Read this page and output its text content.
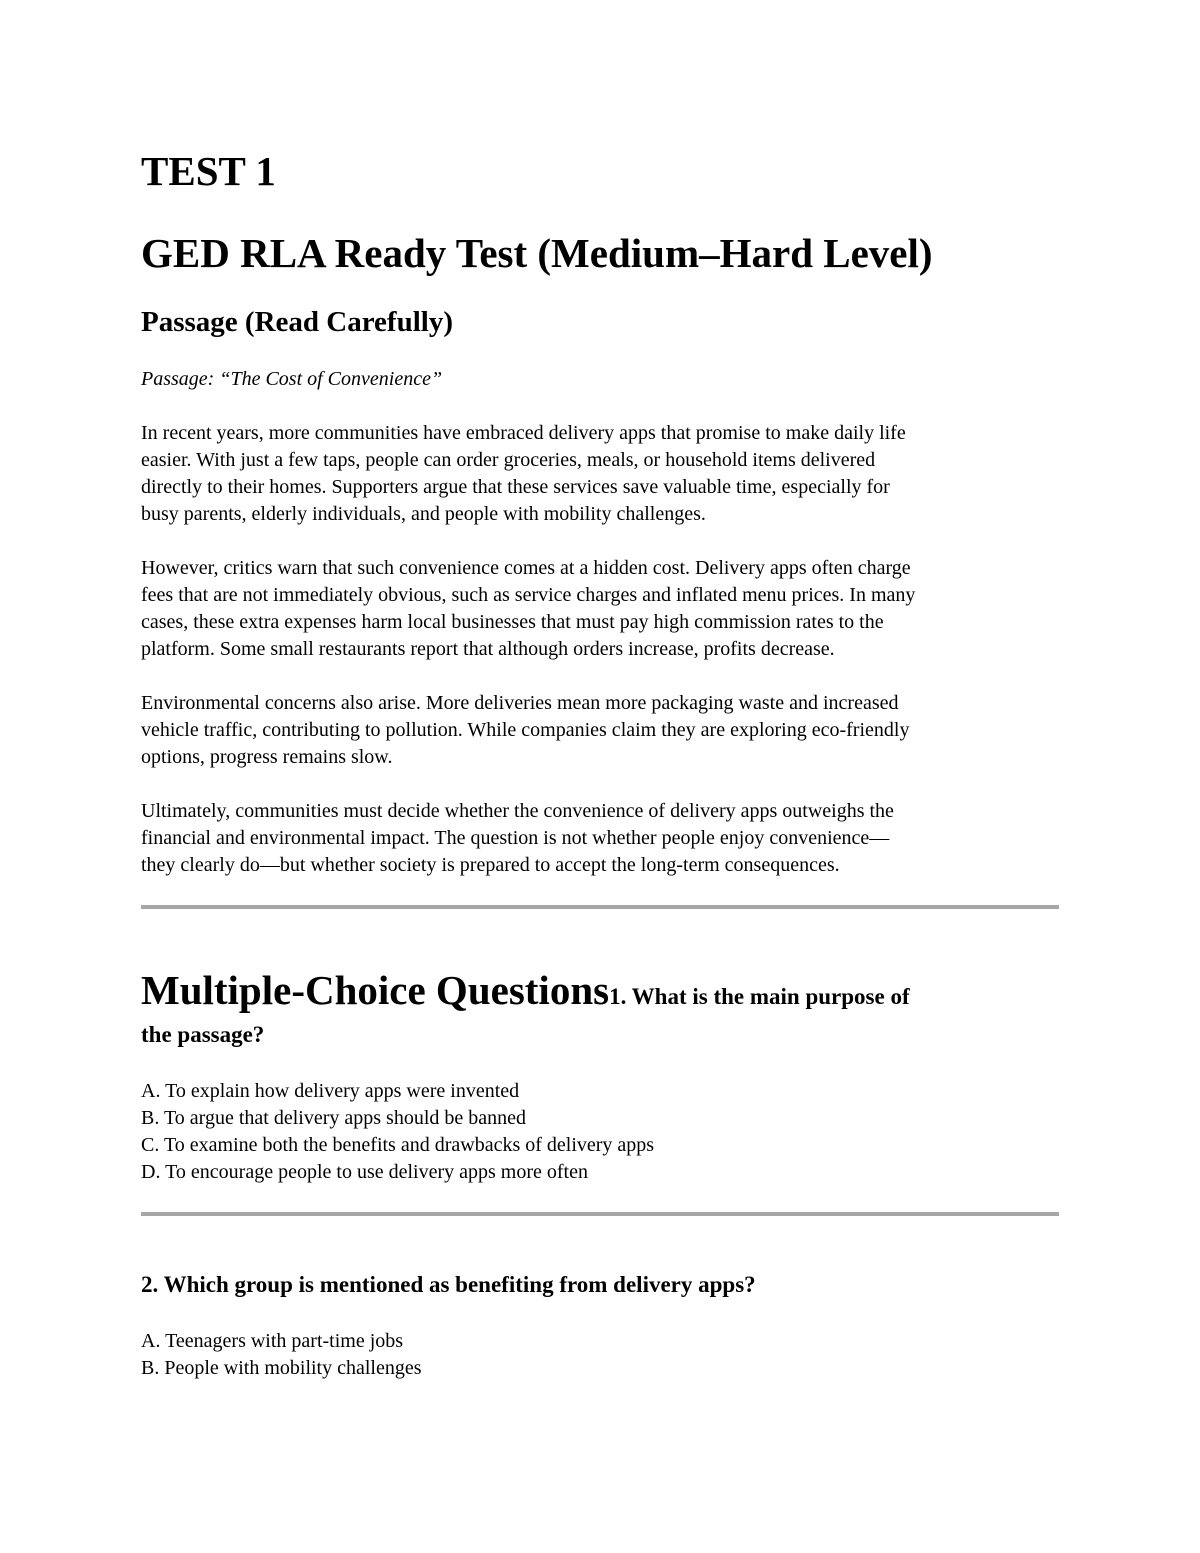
TEST 1
GED RLA Ready Test (Medium–Hard Level)
Passage (Read Carefully)

Passage: “The Cost of Convenience”

In recent years, more communities have embraced delivery apps that promise to make daily life
easier. With just a few taps, people can order groceries, meals, or household items delivered
directly to their homes. Supporters argue that these services save valuable time, especially for
busy parents, elderly individuals, and people with mobility challenges.

However, critics warn that such convenience comes at a hidden cost. Delivery apps often charge
fees that are not immediately obvious, such as service charges and inflated menu prices. In many
cases, these extra expenses harm local businesses that must pay high commission rates to the
platform. Some small restaurants report that although orders increase, profits decrease.

Environmental concerns also arise. More deliveries mean more packaging waste and increased
vehicle traffic, contributing to pollution. While companies claim they are exploring eco-friendly
options, progress remains slow.

Ultimately, communities must decide whether the convenience of delivery apps outweighs the
financial and environmental impact. The question is not whether people enjoy convenience—
they clearly do—but whether society is prepared to accept the long-term consequences.

Multiple-Choice Questions1. What is the main purpose of
the passage?
A. To explain how delivery apps were invented
B. To argue that delivery apps should be banned
C. To examine both the benefits and drawbacks of delivery apps
D. To encourage people to use delivery apps more often

2. Which group is mentioned as benefiting from delivery apps?

A. Teenagers with part-time jobs
B. People with mobility challenges
